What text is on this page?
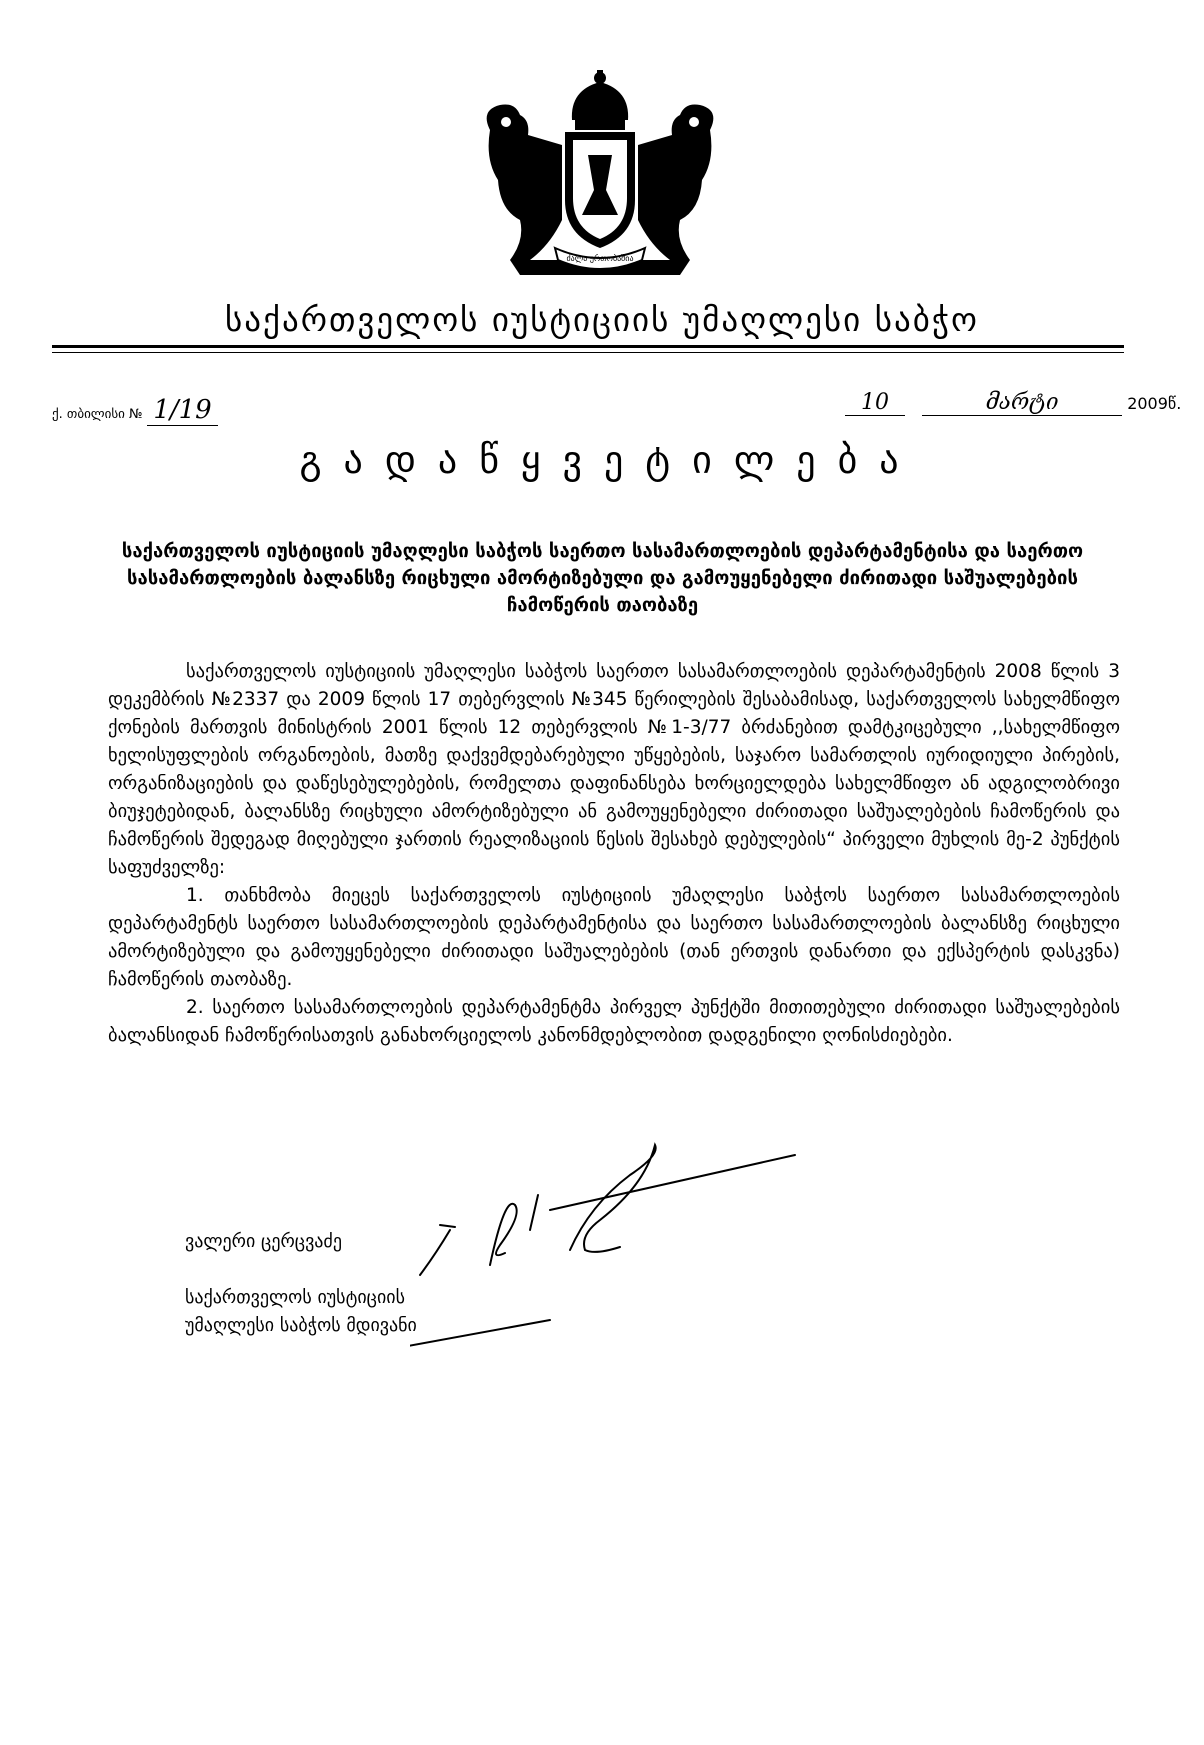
ძალა ერთობაშია
საქართველოს იუსტიციის უმაღლესი საბჭო
ქ. თბილისი № 1/19	10	მარტი	2009წ.
გადაწყვეტილება
საქართველოს იუსტიციის უმაღლესი საბჭოს საერთო სასამართლოების დეპარტამენტისა და საერთო სასამართლოების ბალანსზე რიცხული ამორტიზებული და გამოუყენებელი ძირითადი საშუალებების ჩამოწერის თაობაზე

საქართველოს იუსტიციის უმაღლესი საბჭოს საერთო სასამართლოების დეპარტამენტის 2008 წლის 3 დეკემბრის №2337 და 2009 წლის 17 თებერვლის №345 წერილების შესაბამისად, საქართველოს სახელმწიფო ქონების მართვის მინისტრის 2001 წლის 12 თებერვლის №1-3/77 ბრძანებით დამტკიცებული ,,სახელმწიფო ხელისუფლების ორგანოების, მათზე დაქვემდებარებული უწყებების, საჯარო სამართლის იურიდიული პირების, ორგანიზაციების და დაწესებულებების, რომელთა დაფინანსება ხორციელდება სახელმწიფო ან ადგილობრივი ბიუჯეტებიდან, ბალანსზე რიცხული ამორტიზებული ან გამოუყენებელი ძირითადი საშუალებების ჩამოწერის და ჩამოწერის შედეგად მიღებული ჯართის რეალიზაციის წესის შესახებ დებულების“ პირველი მუხლის მე-2 პუნქტის საფუძველზე:

1. თანხმობა მიეცეს საქართველოს იუსტიციის უმაღლესი საბჭოს საერთო სასამართლოების დეპარტამენტს საერთო სასამართლოების დეპარტამენტისა და საერთო სასამართლოების ბალანსზე რიცხული ამორტიზებული და გამოუყენებელი ძირითადი საშუალებების (თან ერთვის დანართი და ექსპერტის დასკვნა) ჩამოწერის თაობაზე.

2. საერთო სასამართლოების დეპარტამენტმა პირველ პუნქტში მითითებული ძირითადი საშუალებების ბალანსიდან ჩამოწერისათვის განახორციელოს კანონმდებლობით დადგენილი ღონისძიებები.

ვალერი ცერცვაძე
საქართველოს იუსტიციის
უმაღლესი საბჭოს მდივანი
